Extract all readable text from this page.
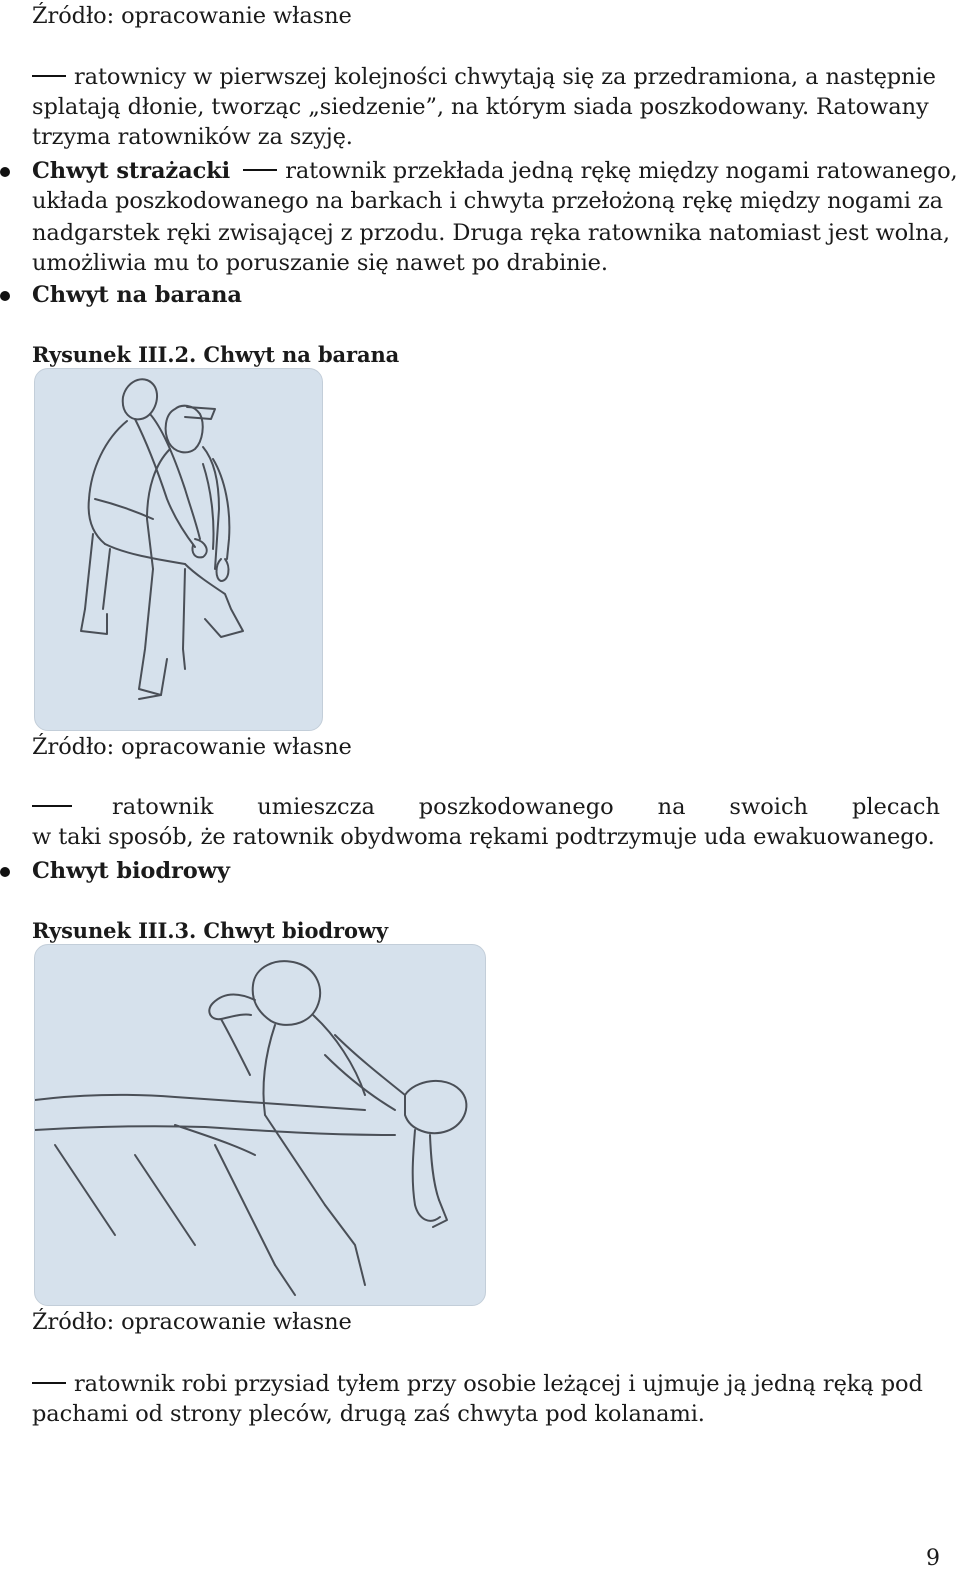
Źródło: opracowanie własne
ratownicy w pierwszej kolejności chwytają się za przedramiona, a następnie
splatają dłonie, tworząc „siedzenie”, na którym siada poszkodowany. Ratowany
trzyma ratowników za szyję.
Chwyt strażacki ratownik przekłada jedną rękę między nogami ratowanego,
układa poszkodowanego na barkach i chwyta przełożoną rękę między nogami za
nadgarstek ręki zwisającej z przodu. Druga ręka ratownika natomiast jest wolna,
umożliwia mu to poruszanie się nawet po drabinie.
Chwyt na barana
Rysunek III.2. Chwyt na barana
Źródło: opracowanie własne
ratownik umieszcza poszkodowanego na swoich plecach
w taki sposób, że ratownik obydwoma rękami podtrzymuje uda ewakuowanego.
Chwyt biodrowy
Rysunek III.3. Chwyt biodrowy
Źródło: opracowanie własne
ratownik robi przysiad tyłem przy osobie leżącej i ujmuje ją jedną ręką pod
pachami od strony pleców, drugą zaś chwyta pod kolanami.
9
